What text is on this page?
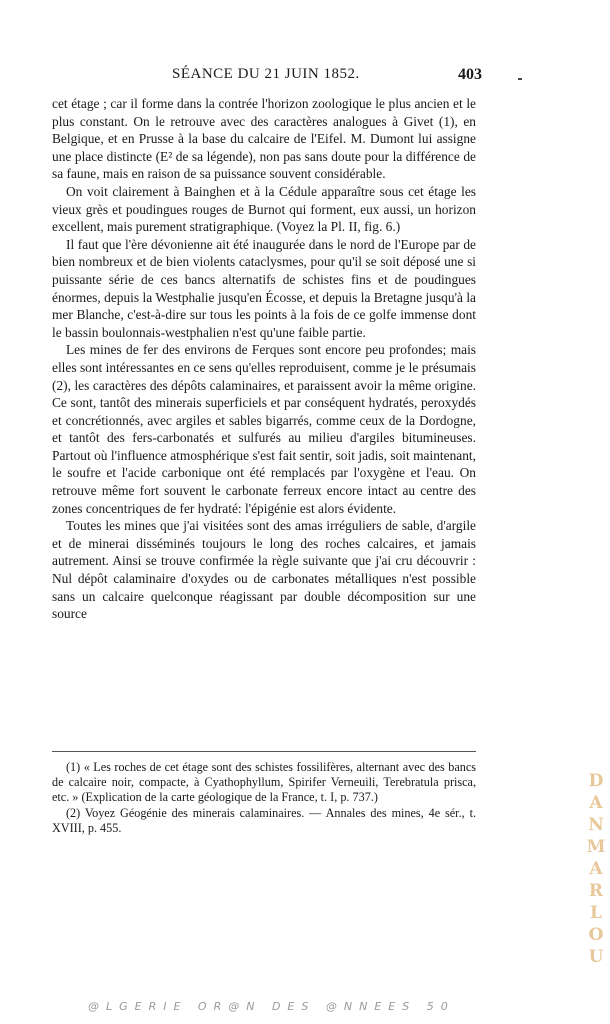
SÉANCE DU 21 JUIN 1852.	403

cet étage ; car il forme dans la contrée l'horizon zoologique le plus ancien et le plus constant. On le retrouve avec des caractères analogues à Givet (1), en Belgique, et en Prusse à la base du calcaire de l'Eifel. M. Dumont lui assigne une place distincte (E² de sa légende), non pas sans doute pour la différence de sa faune, mais en raison de sa puissance souvent considérable.

On voit clairement à Bainghen et à la Cédule apparaître sous cet étage les vieux grès et poudingues rouges de Burnot qui forment, eux aussi, un horizon excellent, mais purement stratigraphique. (Voyez la Pl. II, fig. 6.)

Il faut que l'ère dévonienne ait été inaugurée dans le nord de l'Europe par de bien nombreux et de bien violents cataclysmes, pour qu'il se soit déposé une si puissante série de ces bancs alternatifs de schistes fins et de poudingues énormes, depuis la Westphalie jusqu'en Écosse, et depuis la Bretagne jusqu'à la mer Blanche, c'est-à-dire sur tous les points à la fois de ce golfe immense dont le bassin boulonnais-westphalien n'est qu'une faible partie.

Les mines de fer des environs de Ferques sont encore peu profondes; mais elles sont intéressantes en ce sens qu'elles reproduisent, comme je le présumais (2), les caractères des dépôts calaminaires, et paraissent avoir la même origine. Ce sont, tantôt des minerais superficiels et par conséquent hydratés, peroxydés et concrétionnés, avec argiles et sables bigarrés, comme ceux de la Dordogne, et tantôt des fers-carbonatés et sulfurés au milieu d'argiles bitumineuses. Partout où l'influence atmosphérique s'est fait sentir, soit jadis, soit maintenant, le soufre et l'acide carbonique ont été remplacés par l'oxygène et l'eau. On retrouve même fort souvent le carbonate ferreux encore intact au centre des zones concentriques de fer hydraté: l'épigénie est alors évidente.

Toutes les mines que j'ai visitées sont des amas irréguliers de sable, d'argile et de minerai disséminés toujours le long des roches calcaires, et jamais autrement. Ainsi se trouve confirmée la règle suivante que j'ai cru découvrir : Nul dépôt calaminaire d'oxydes ou de carbonates métalliques n'est possible sans un calcaire quelconque réagissant par double décomposition sur une source

(1) « Les roches de cet étage sont des schistes fossilifères, alternant avec des bancs de calcaire noir, compacte, à Cyathophyllum, Spirifer Verneuili, Terebratula prisca, etc. » (Explication de la carte géologique de la France, t. I, p. 737.)

(2) Voyez Géogénie des minerais calaminaires. — Annales des mines, 4e sér., t. XVIII, p. 455.

DANMARLOU
@LGERIE OR@N DES @NNEES 50
